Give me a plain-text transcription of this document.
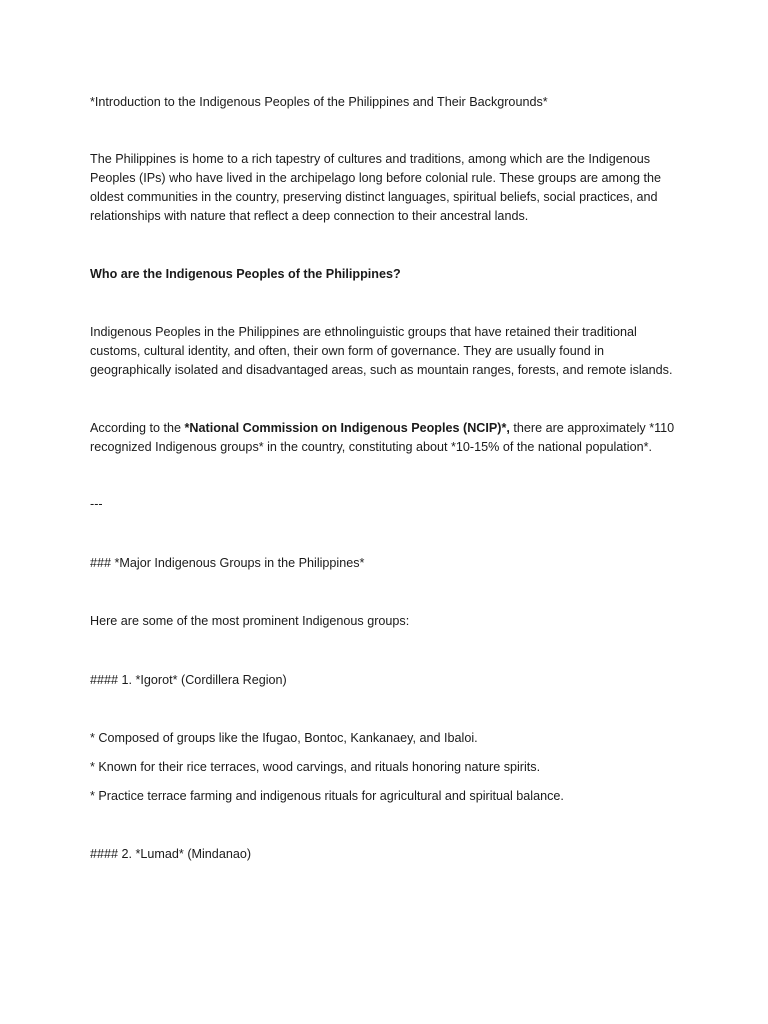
*Introduction to the Indigenous Peoples of the Philippines and Their Backgrounds*
The Philippines is home to a rich tapestry of cultures and traditions, among which are the Indigenous
Peoples (IPs) who have lived in the archipelago long before colonial rule. These groups are among the
oldest communities in the country, preserving distinct languages, spiritual beliefs, social practices, and
relationships with nature that reflect a deep connection to their ancestral lands.
Who are the Indigenous Peoples of the Philippines?
Indigenous Peoples in the Philippines are ethnolinguistic groups that have retained their traditional
customs, cultural identity, and often, their own form of governance. They are usually found in
geographically isolated and disadvantaged areas, such as mountain ranges, forests, and remote islands.
According to the *National Commission on Indigenous Peoples (NCIP)*, there are approximately *110
recognized Indigenous groups* in the country, constituting about *10-15% of the national population*.
---
### *Major Indigenous Groups in the Philippines*
Here are some of the most prominent Indigenous groups:
#### 1. *Igorot* (Cordillera Region)
* Composed of groups like the Ifugao, Bontoc, Kankanaey, and Ibaloi.
* Known for their rice terraces, wood carvings, and rituals honoring nature spirits.
* Practice terrace farming and indigenous rituals for agricultural and spiritual balance.
#### 2. *Lumad* (Mindanao)
